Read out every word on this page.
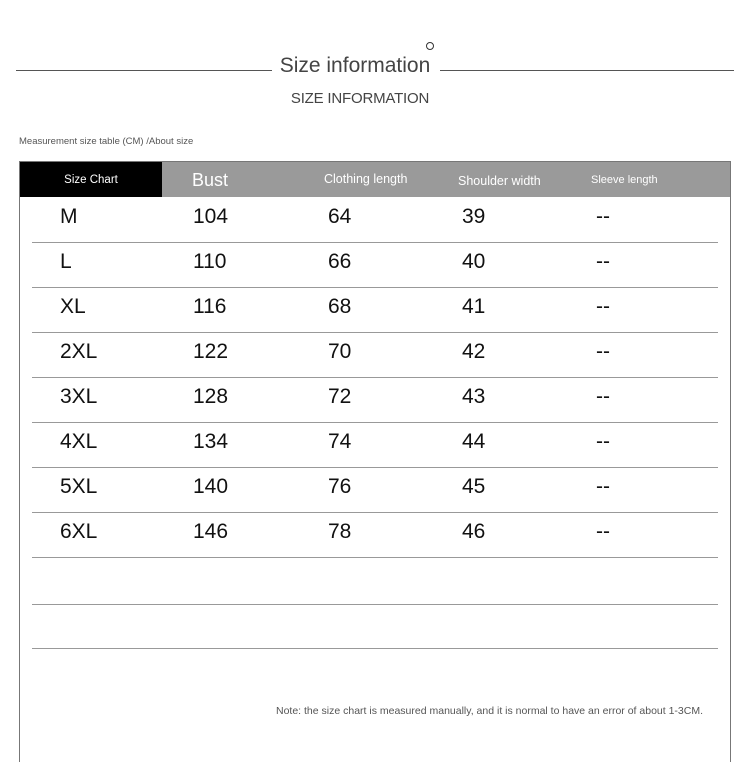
Size information
SIZE INFORMATION
Measurement size table (CM) /About size
Size Chart	Bust	Clothing length	Shoulder width	Sleeve length
M	104	64	39	--
L	110	66	40	--
XL	116	68	41	--
2XL	122	70	42	--
3XL	128	72	43	--
4XL	134	74	44	--
5XL	140	76	45	--
6XL	146	78	46	--
Note: the size chart is measured manually, and it is normal to have an error of about 1-3CM.
